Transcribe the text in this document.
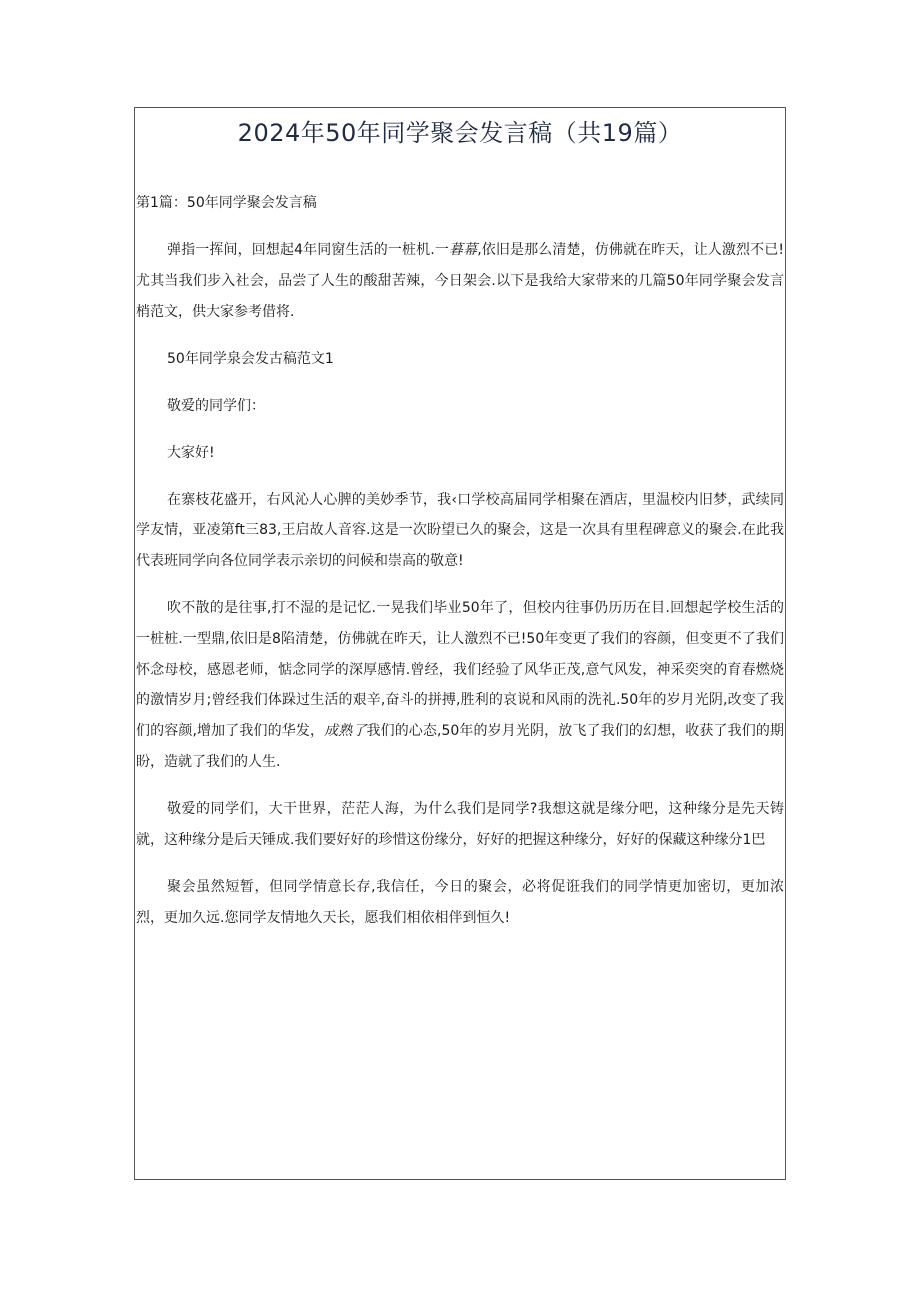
2024年50年同学聚会发言稿（共19篇）

第1篇：50年同学聚会发言稿

弹指一挥间，回想起4年同窗生活的一桩机.一暮幕,依旧是那么清楚，仿佛就在昨天，让人激烈不已!尤其当我们步入社会，品尝了人生的酸甜苦辣，今日架会.以下是我给大家带来的几篇50年同学聚会发言梢范文，供大家参考借将.

50年同学泉会发古稿范文1

敬爱的同学们：

大家好!

在寨枝花盛开，右风沁人心脾的美妙季节，我‹口学校高届同学相聚在酒店，里温校内旧梦，武续同学友情，亚凌第ft三83,王启故人音容.这是一次盼望已久的聚会，这是一次具有里程碑意义的聚会.在此我代表班同学向各位同学表示亲切的问候和崇高的敬意!

吹不散的是往事,打不湿的是记忆.一晃我们毕业50年了，但校内往事仍历历在目.回想起学校生活的一桩桩.一型鼎,依旧是8陷清楚，仿佛就在昨天，让人激烈不已!50年变更了我们的容颜，但变更不了我们怀念母校，感恩老师，惦念同学的深厚感情.曾经，我们经验了风华正茂,意气风发，神采奕突的育春燃烧的激情岁月;曾经我们体跺过生活的艰辛,奋斗的拼搏,胜利的哀说和风雨的洗礼.50年的岁月光阴,改变了我们的容颜,增加了我们的华发，成熟了我们的心态,50年的岁月光阴，放飞了我们的幻想，收获了我们的期盼，造就了我们的人生.

敬爱的同学们，大干世界，茫茫人海，为什么我们是同学?我想这就是缘分吧，这种缘分是先天铸就，这种缘分是后天锤成.我们要好好的珍惜这份缘分，好好的把握这种缘分，好好的保藏这种缘分1巴

聚会虽然短暂，但同学情意长存,我信任，今日的聚会，必将促诳我们的同学情更加密切，更加浓烈，更加久远.您同学友情地久天长，愿我们相依相伴到恒久!
